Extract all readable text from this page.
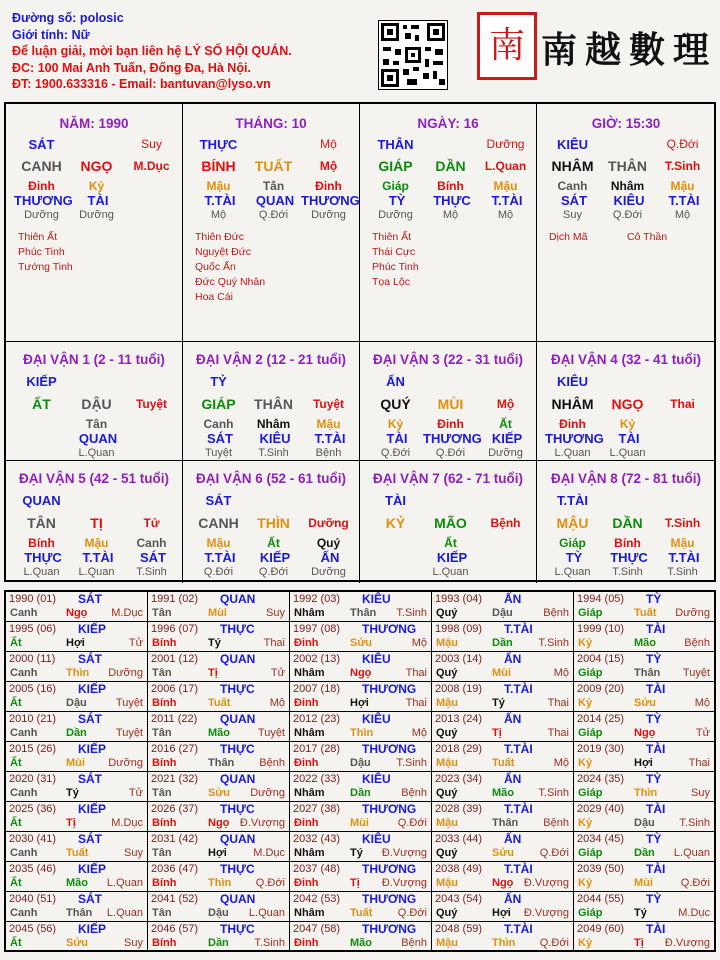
Đường số: polosic
Giới tính: Nữ
Để luận giải, mời bạn liên hệ LÝ SỐ HỘI QUÁN.
ĐC: 100 Mai Anh Tuấn, Đống Đa, Hà Nội.
ĐT: 1900.633316 - Email: bantuvan@lyso.vn
南 南越數理
NĂM: 1990
SÁT	Suy
CANH	NGỌ	M.Dục
Đinh
THƯƠNG
Dưỡng
Kỷ
TÀI
Dưỡng
Thiên Ất
Phúc Tinh
Tướng Tinh
THÁNG: 10
THỰC	Mộ
BÍNH	TUẤT	Mộ
Mậu
T.TÀI
Mộ
Tân
QUAN
Q.Đới
Đinh
THƯƠNG
Dưỡng
Thiên Đức
Nguyệt Đức
Quốc Ấn
Đức Quý Nhân
Hoa Cái
NGÀY: 16
THÂN	Dưỡng
GIÁP	DẦN	L.Quan
Giáp
TỲ
Dưỡng
Bính
THỰC
Mộ
Mậu
T.TÀI
Mộ
Thiên Ất
Thái Cực
Phúc Tinh
Tọa Lộc
GIỜ: 15:30
KIÊU	Q.Đới
NHÂM	THÂN	T.Sinh
Canh
SÁT
Suy
Nhâm
KIÊU
Q.Đới
Mậu
T.TÀI
Mộ
Dịch Mã	Cô Thần
ĐẠI VẬN 1 (2 - 11 tuổi)
KIẾP
ẤT	DẬU	Tuyệt
Tân
QUAN
L.Quan
ĐẠI VẬN 2 (12 - 21 tuổi)
TỶ
GIÁP	THÂN	Tuyệt
Canh
SÁT
Tuyệt
Nhâm
KIÊU
T.Sinh
Mậu
T.TÀI
Bệnh
ĐẠI VẬN 3 (22 - 31 tuổi)
ẤN
QUÝ	MÙI	Mộ
Kỷ
TÀI
Q.Đới
Đinh
THƯƠNG
Q.Đới
Ất
KIẾP
Dưỡng
ĐẠI VẬN 4 (32 - 41 tuổi)
KIÊU
NHÂM	NGỌ	Thai
Đinh
THƯƠNG
L.Quan
Kỷ
TÀI
L.Quan
ĐẠI VẬN 5 (42 - 51 tuổi)
QUAN
TÂN	TỊ	Tử
Bính
THỰC
L.Quan
Mậu
T.TÀI
L.Quan
Canh
SÁT
T.Sinh
ĐẠI VẬN 6 (52 - 61 tuổi)
SÁT
CANH	THÌN	Dưỡng
Mậu
T.TÀI
Q.Đới
Ất
KIẾP
Q.Đới
Quý
ẤN
Dưỡng
ĐẠI VẬN 7 (62 - 71 tuổi)
TÀI
KỶ	MÃO	Bệnh
Ất
KIẾP
L.Quan
ĐẠI VẬN 8 (72 - 81 tuổi)
T.TÀI
MẬU	DẦN	T.Sinh
Giáp
TỲ
L.Quan
Bính
THỰC
T.Sinh
Mậu
T.TÀI
T.Sinh
1990 (01) SÁT
Canh	Ngọ M.Dục
1991 (02) QUAN
Tân	Mùi	Suy
1992 (03) KIÊU
Nhâm Thân T.Sinh
1993 (04) ẤN
Quý	Dậu	Bệnh
1994 (05) TỲ
Giáp	Tuất Dưỡng
1995 (06) KIẾP
Ất	Hợi	Tử
1996 (07) THỰC
Bính	Tý	Thai
1997 (08) THƯƠNG
Đinh	Sửu	Mộ
1998 (09) T.TÀI
Mậu	Dần T.Sinh
1999 (10) TÀI
Kỷ	Mão	Bệnh
2000 (11) SÁT
Canh	Thìn Dưỡng
2001 (12) QUAN
Tân	Tị	Tử
2002 (13) KIÊU
Nhâm Ngọ	Thai
2003 (14) ẤN
Quý	Mùi	Mộ
2004 (15) TỲ
Giáp	Thân Tuyệt
2005 (16) KIẾP
Ất	Dậu	Tuyệt
2006 (17) THỰC
Bính	Tuất	Mộ
2007 (18) THƯƠNG
Đinh	Hợi	Thai
2008 (19) T.TÀI
Mậu	Tý	Thai
2009 (20) TÀI
Kỷ	Sửu	Mộ
2010 (21) SÁT
Canh	Dần	Tuyệt
2011 (22) QUAN
Tân	Mão	Tuyệt
2012 (23) KIÊU
Nhâm Thìn	Mộ
2013 (24) ẤN
Quý	Tị	Thai
2014 (25) TỲ
Giáp	Ngọ	Tử
2015 (26) KIẾP
Ất	Mùi Dưỡng
2016 (27) THỰC
Bính	Thân Bệnh
2017 (28) THƯƠNG
Đinh	Dậu T.Sinh
2018 (29) T.TÀI
Mậu	Tuất	Mộ
2019 (30) TÀI
Kỷ	Hợi	Thai
2020 (31) SÁT
Canh	Tý	Tử
2021 (32) QUAN
Tân	Sửu Dưỡng
2022 (33) KIÊU
Nhâm Dần	Bệnh
2023 (34) ẤN
Quý	Mão T.Sinh
2024 (35) TỲ
Giáp	Thìn	Suy
2025 (36) KIẾP
Ất	Tị	M.Dục
2026 (37) THỰC
Bính	Ngọ Đ.Vượng
2027 (38) THƯƠNG
Đinh	Mùi	Q.Đới
2028 (39) T.TÀI
Mậu	Thân Bệnh
2029 (40) TÀI
Kỷ	Dậu T.Sinh
2030 (41) SÁT
Canh	Tuất	Suy
2031 (42) QUAN
Tân	Hợi M.Dục
2032 (43) KIÊU
Nhâm Tý Đ.Vượng
2033 (44) ẤN
Quý	Sửu Q.Đới
2034 (45) TỲ
Giáp	Dần L.Quan
2035 (46) KIẾP
Ất	Mão L.Quan
2036 (47) THỰC
Bính	Thìn Q.Đới
2037 (48) THƯƠNG
Đinh	Tị Đ.Vượng
2038 (49) T.TÀI
Mậu	Ngọ Đ.Vượng
2039 (50) TÀI
Kỷ	Mùi	Q.Đới
2040 (51) SÁT
Canh	Thân L.Quan
2041 (52) QUAN
Tân	Dậu L.Quan
2042 (53) THƯƠNG
Nhâm Tuất Q.Đới
2043 (54) ẤN
Quý	Hợi Đ.Vượng
2044 (55) TỲ
Giáp	Tý	M.Dục
2045 (56) KIẾP
Ất	Sửu	Suy
2046 (57) THỰC
Bính	Dần T.Sinh
2047 (58) THƯƠNG
Đinh	Mão	Bệnh
2048 (59) T.TÀI
Mậu	Thìn Q.Đới
2049 (60) TÀI
Kỷ	Tị Đ.Vượng
